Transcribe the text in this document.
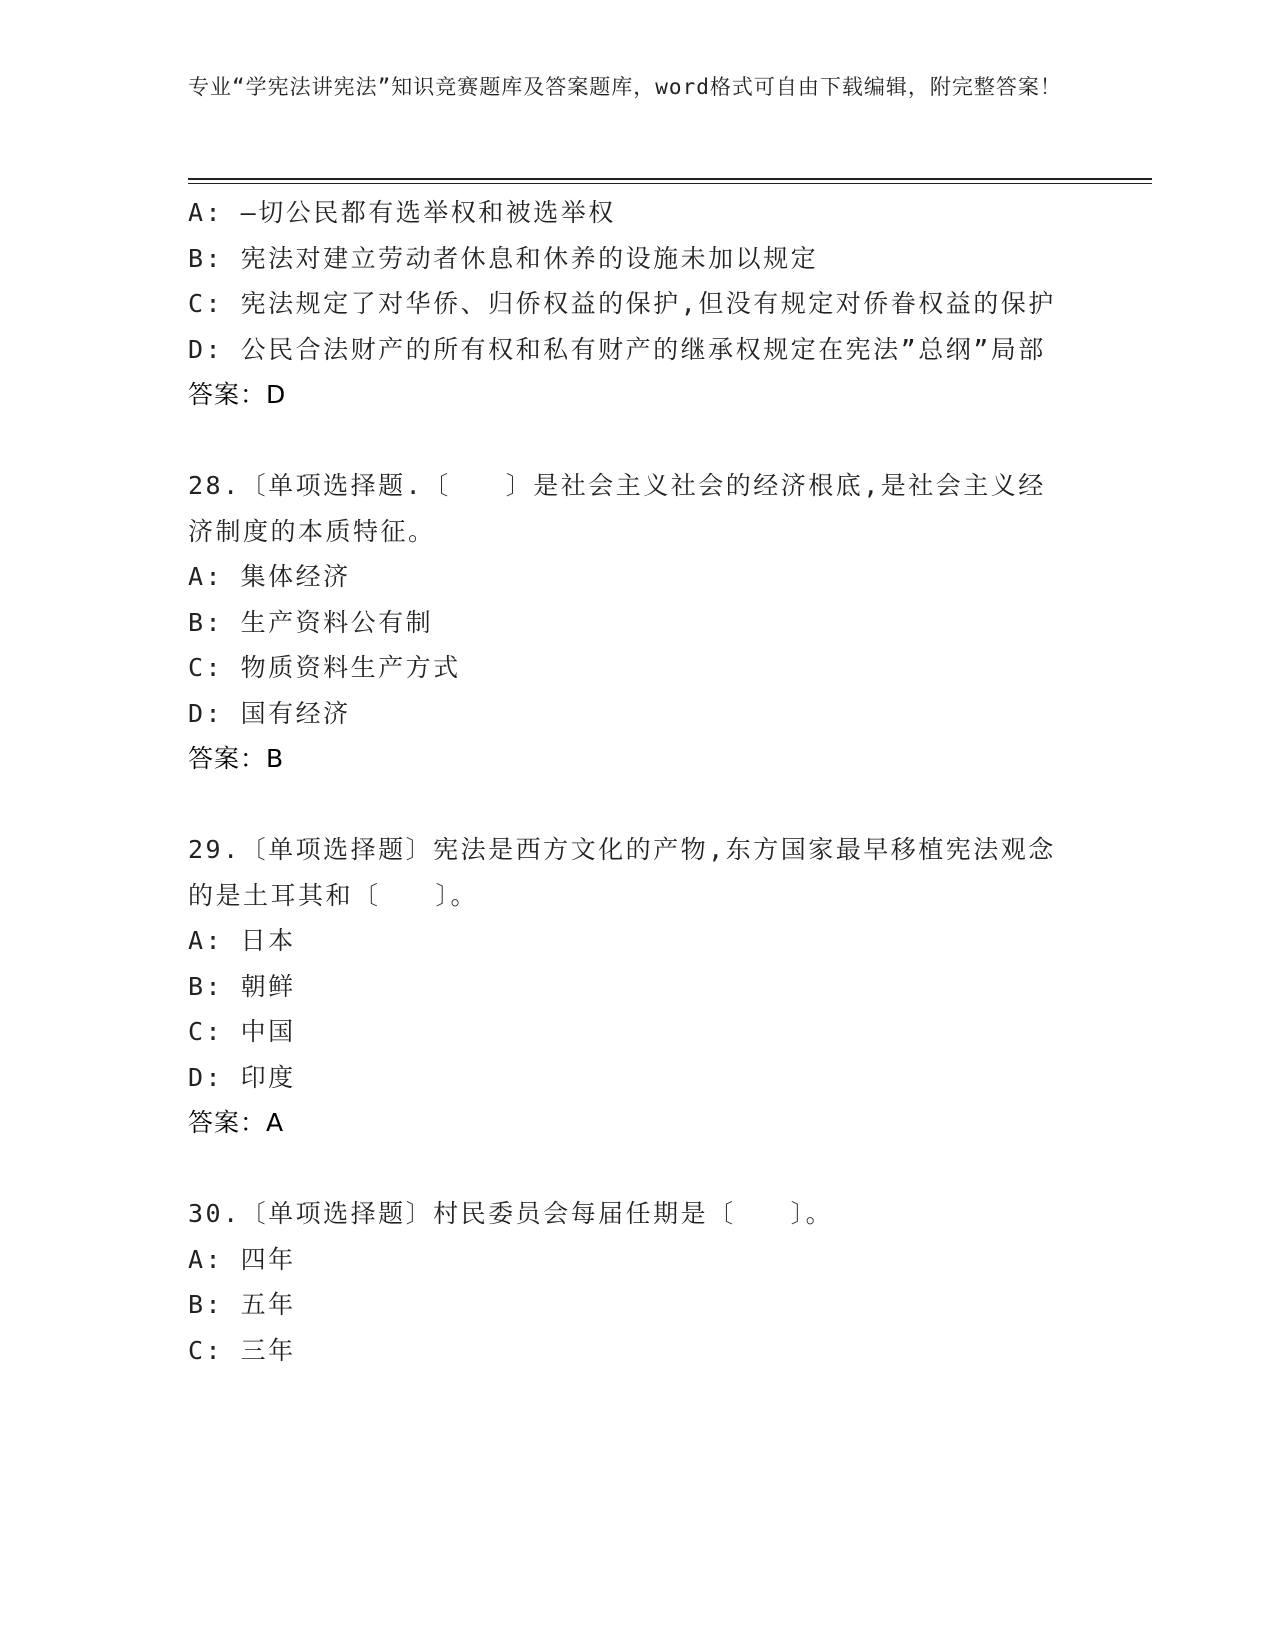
专业“学宪法讲宪法”知识竞赛题库及答案题库，word格式可自由下载编辑，附完整答案！

A: —切公民都有选举权和被选举权

B: 宪法对建立劳动者休息和休养的设施未加以规定

C: 宪法规定了对华侨、归侨权益的保护,但没有规定对侨眷权益的保护

D: 公民合法财产的所有权和私有财产的继承权规定在宪法”总纲”局部

答案：D

28.〔单项选择题.〔　　〕是社会主义社会的经济根底,是社会主义经济制度的本质特征。

A: 集体经济

B: 生产资料公有制

C: 物质资料生产方式

D: 国有经济

答案：B

29.〔单项选择题〕宪法是西方文化的产物,东方国家最早移植宪法观念的是土耳其和〔　　〕。

A: 日本

B: 朝鲜

C: 中国

D: 印度

答案：A

30.〔单项选择题〕村民委员会每届任期是〔　　〕。

A: 四年

B: 五年

C: 三年
